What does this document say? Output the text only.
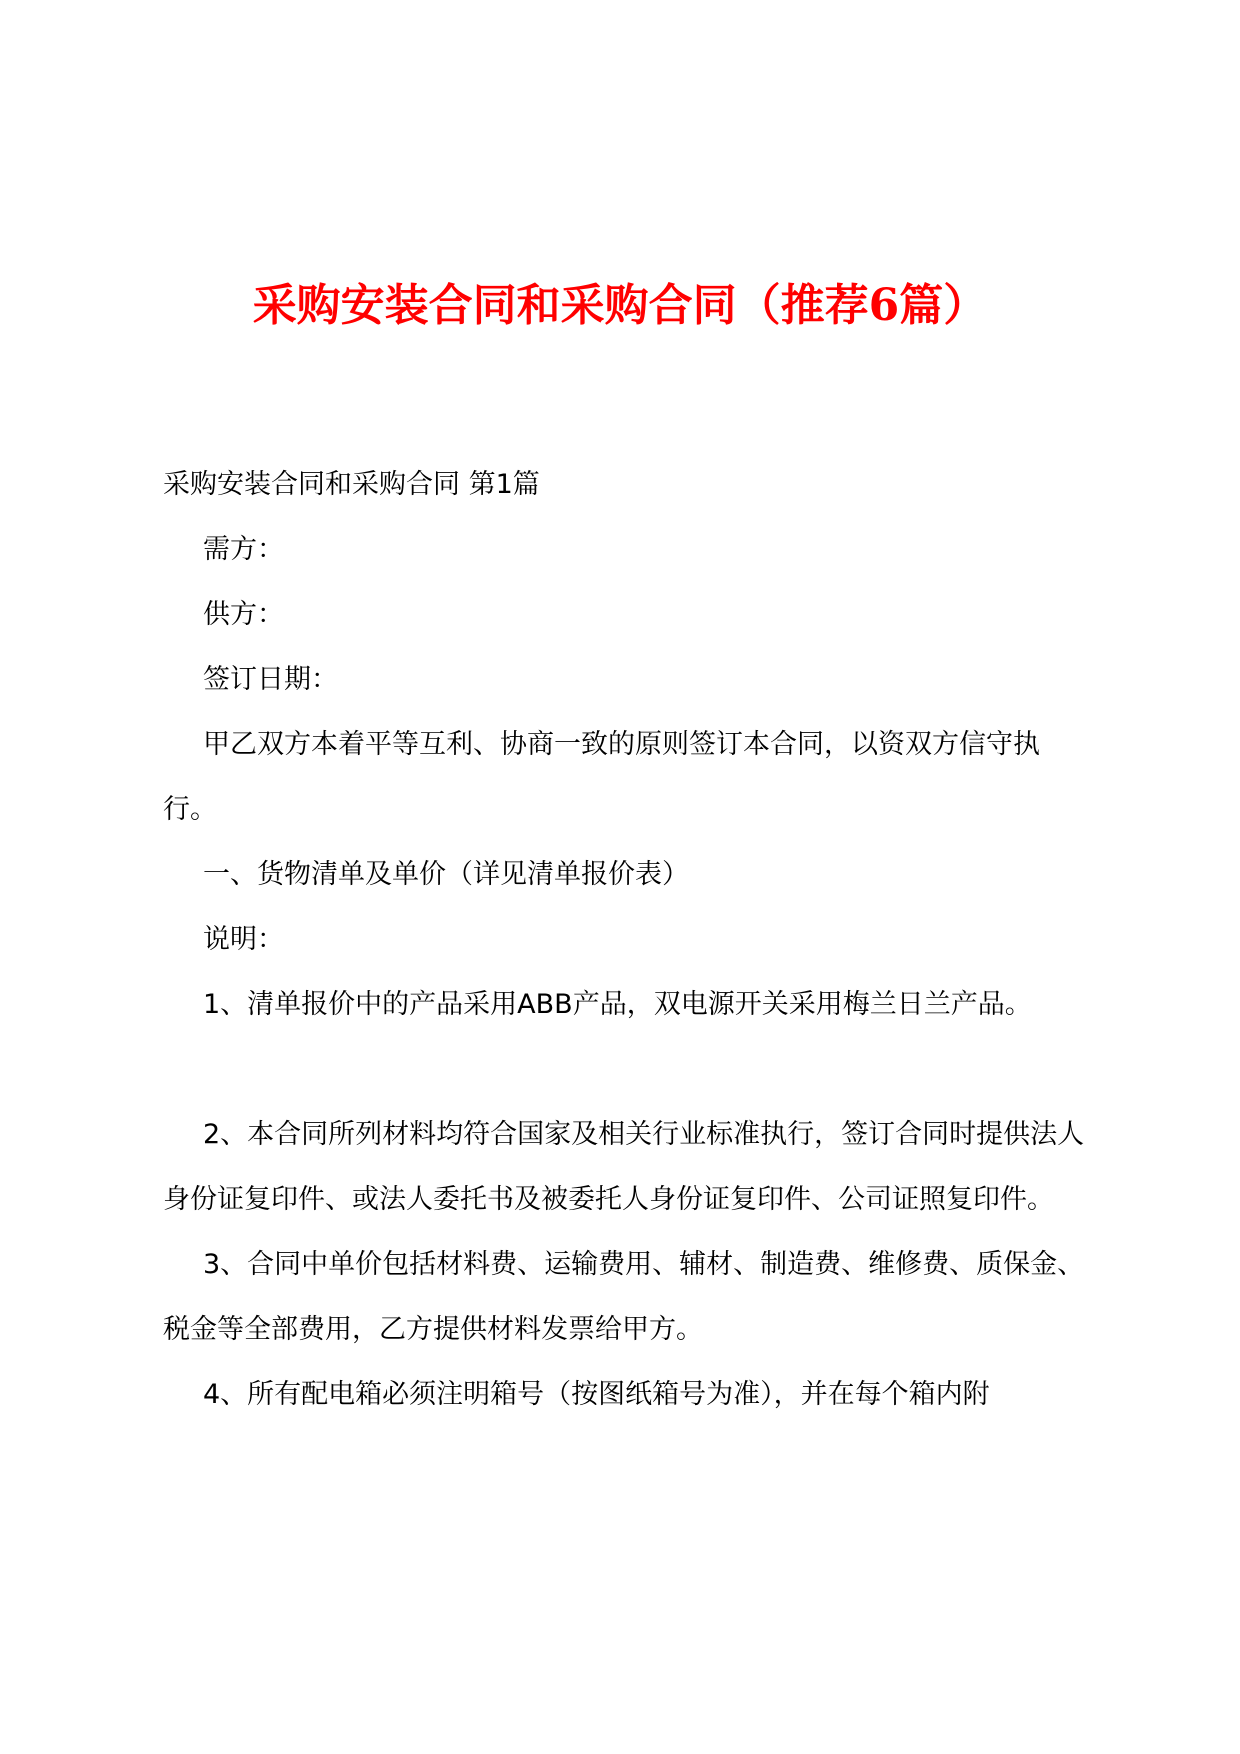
采购安装合同和采购合同（推荐6篇）

采购安装合同和采购合同 第1篇

需方：

供方：

签订日期：

甲乙双方本着平等互利、协商一致的原则签订本合同，以资双方信守执行。

一、货物清单及单价（详见清单报价表）

说明：

1、清单报价中的产品采用ABB产品，双电源开关采用梅兰日兰产品。

2、本合同所列材料均符合国家及相关行业标准执行，签订合同时提供法人身份证复印件、或法人委托书及被委托人身份证复印件、公司证照复印件。

3、合同中单价包括材料费、运输费用、辅材、制造费、维修费、质保金、税金等全部费用，乙方提供材料发票给甲方。

4、所有配电箱必须注明箱号（按图纸箱号为准），并在每个箱内附
